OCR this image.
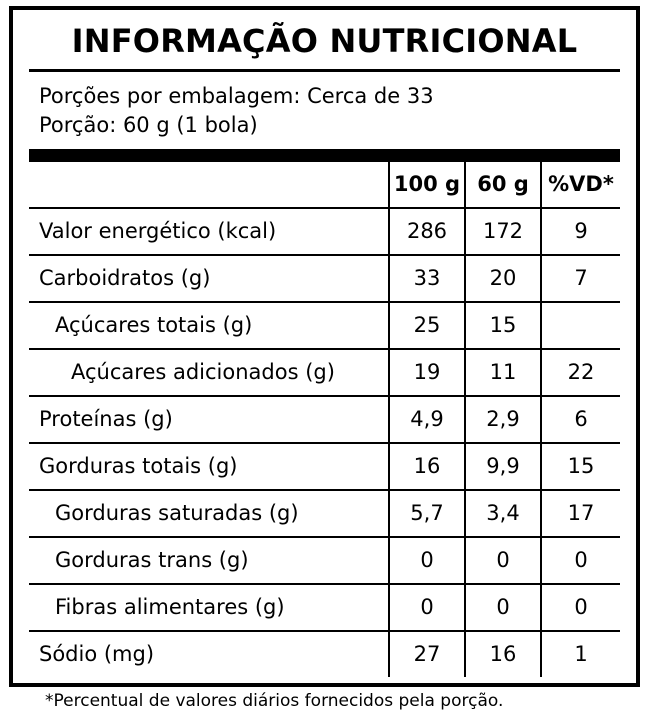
INFORMAÇÃO NUTRICIONAL
Porções por embalagem: Cerca de 33
Porção: 60 g (1 bola)
	100 g	60 g	%VD*
Valor energético (kcal)	286	172	9
Carboidratos (g)	33	20	7
Açúcares totais (g)	25	15	
Açúcares adicionados (g)	19	11	22
Proteínas (g)	4,9	2,9	6
Gorduras totais (g)	16	9,9	15
Gorduras saturadas (g)	5,7	3,4	17
Gorduras trans (g)	0	0	0
Fibras alimentares (g)	0	0	0
Sódio (mg)	27	16	1
*Percentual de valores diários fornecidos pela porção.
